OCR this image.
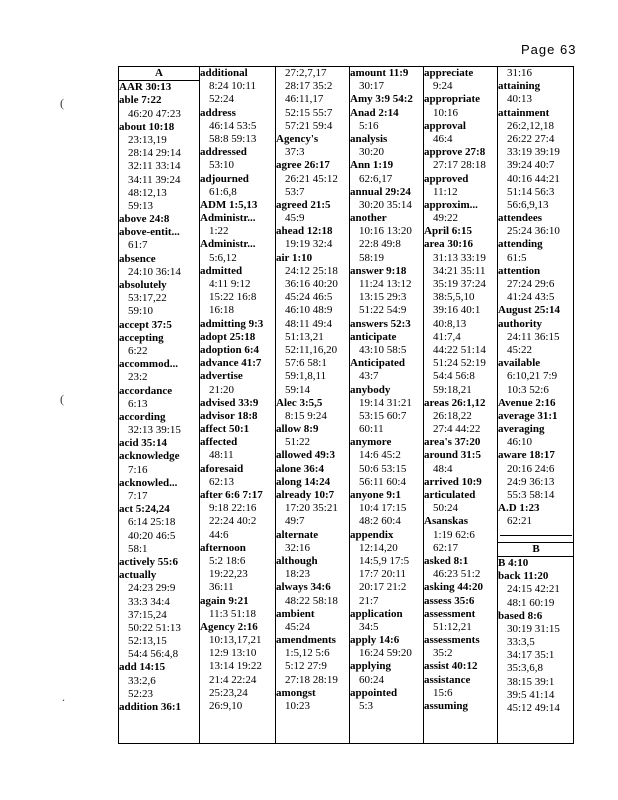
Page 63
(
(
.
A
AAR 30:13
able 7:22
46:20 47:23
about 10:18
23:13,19
28:14 29:14
32:11 33:14
34:11 39:24
48:12,13
59:13
above 24:8
above-entit...
61:7
absence
24:10 36:14
absolutely
53:17,22
59:10
accept 37:5
accepting
6:22
accommod...
23:2
accordance
6:13
according
32:13 39:15
acid 35:14
acknowledge
7:16
acknowled...
7:17
act 5:24,24
6:14 25:18
40:20 46:5
58:1
actively 55:6
actually
24:23 29:9
33:3 34:4
37:15,24
50:22 51:13
52:13,15
54:4 56:4,8
add 14:15
33:2,6
52:23
addition 36:1
additional
8:24 10:11
52:24
address
46:14 53:5
58:8 59:13
addressed
53:10
adjourned
61:6,8
ADM 1:5,13
Administr...
1:22
Administr...
5:6,12
admitted
4:11 9:12
15:22 16:8
16:18
admitting 9:3
adopt 25:18
adoption 6:4
advance 41:7
advertise
21:20
advised 33:9
advisor 18:8
affect 50:1
affected
48:11
aforesaid
62:13
after 6:6 7:17
9:18 22:16
22:24 40:2
44:6
afternoon
5:2 18:6
19:22,23
36:11
again 9:21
11:3 51:18
Agency 2:16
10:13,17,21
12:9 13:10
13:14 19:22
21:4 22:24
25:23,24
26:9,10
27:2,7,17
28:17 35:2
46:11,17
52:15 55:7
57:21 59:4
Agency's
37:3
agree 26:17
26:21 45:12
53:7
agreed 21:5
45:9
ahead 12:18
19:19 32:4
air 1:10
24:12 25:18
36:16 40:20
45:24 46:5
46:10 48:9
48:11 49:4
51:13,21
52:11,16,20
57:6 58:1
59:1,8,11
59:14
Alec 3:5,5
8:15 9:24
allow 8:9
51:22
allowed 49:3
alone 36:4
along 14:24
already 10:7
17:20 35:21
49:7
alternate
32:16
although
18:23
always 34:6
48:22 58:18
ambient
45:24
amendments
1:5,12 5:6
5:12 27:9
27:18 28:19
amongst
10:23
amount 11:9
30:17
Amy 3:9 54:2
Anad 2:14
5:16
analysis
30:20
Ann 1:19
62:6,17
annual 29:24
30:20 35:14
another
10:16 13:20
22:8 49:8
58:19
answer 9:18
11:24 13:12
13:15 29:3
51:22 54:9
answers 52:3
anticipate
43:10 58:5
Anticipated
43:7
anybody
19:14 31:21
53:15 60:7
60:11
anymore
14:6 45:2
50:6 53:15
56:11 60:4
anyone 9:1
10:4 17:15
48:2 60:4
appendix
12:14,20
14:5,9 17:5
17:7 20:11
20:17 21:2
21:7
application
34:5
apply 14:6
16:24 59:20
applying
60:24
appointed
5:3
appreciate
9:24
appropriate
10:16
approval
46:4
approve 27:8
27:17 28:18
approved
11:12
approxim...
49:22
April 6:15
area 30:16
31:13 33:19
34:21 35:11
35:19 37:24
38:5,5,10
39:16 40:1
40:8,13
41:7,4
44:22 51:14
51:24 52:19
54:4 56:8
59:18,21
areas 26:1,12
26:18,22
27:4 44:22
area's 37:20
around 31:5
48:4
arrived 10:9
articulated
50:24
Asanskas
1:19 62:6
62:17
asked 8:1
46:23 51:2
asking 44:20
assess 35:6
assessment
51:12,21
assessments
35:2
assist 40:12
assistance
15:6
assuming
31:16
attaining
40:13
attainment
26:2,12,18
26:22 27:4
33:19 39:19
39:24 40:7
40:16 44:21
51:14 56:3
56:6,9,13
attendees
25:24 36:10
attending
61:5
attention
27:24 29:6
41:24 43:5
August 25:14
authority
24:11 36:15
45:22
available
6:10,21 7:9
10:3 52:6
Avenue 2:16
average 31:1
averaging
46:10
aware 18:17
20:16 24:6
24:9 36:13
55:3 58:14
A.D 1:23
62:21
B
B 4:10
back 11:20
24:15 42:21
48:1 60:19
based 8:6
30:19 31:15
33:3,5
34:17 35:1
35:3,6,8
38:15 39:1
39:5 41:14
45:12 49:14
